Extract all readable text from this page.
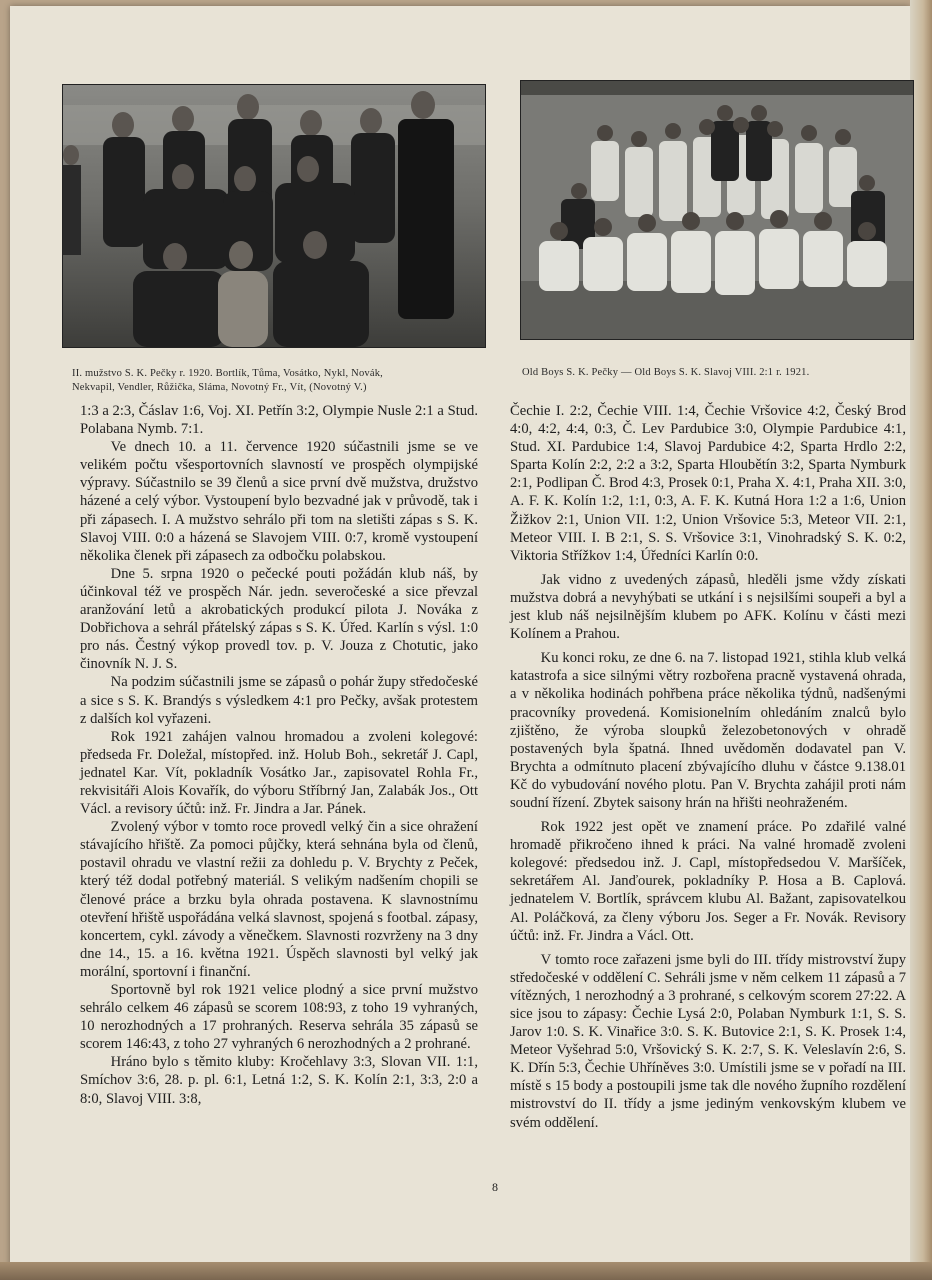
II. mužstvo S. K. Pečky r. 1920. Bortlík, Tůma, Vosátko, Nykl, Novák,
Nekvapil, Vendler, Růžička, Sláma, Novotný Fr., Vít, (Novotný V.)
Old Boys S. K. Pečky — Old Boys S. K. Slavoj VIII. 2:1 r. 1921.

1:3 a 2:3, Čáslav 1:6, Voj. XI. Petřín 3:2, Olympie Nusle 2:1 a Stud. Polabana Nymb. 7:1.

Ve dnech 10. a 11. července 1920 súčastnili jsme se ve velikém počtu všesportovních slavností ve prospěch olympijské výpravy. Súčastnilo se 39 členů a sice první dvě mužstva, družstvo házené a celý výbor. Vystoupení bylo bezvadné jak v průvodě, tak i při zápasech. I. A mužstvo sehrálo při tom na sletišti zápas s S. K. Slavoj VIII. 0:0 a házená se Slavojem VIII. 0:7, kromě vystoupení několika členek při zápasech za odbočku polabskou.

Dne 5. srpna 1920 o pečecké pouti požádán klub náš, by účinkoval též ve prospěch Nár. jedn. severočeské a sice převzal aranžování letů a akrobatických produkcí pilota J. Nováka z Dobřichova a sehrál přátelský zápas s S. K. Úřed. Karlín s výsl. 1:0 pro nás. Čestný výkop provedl tov. p. V. Jouza z Chotutic, jako činovník N. J. S.

Na podzim súčastnili jsme se zápasů o pohár župy středočeské a sice s S. K. Brandýs s výsledkem 4:1 pro Pečky, avšak protestem z dalších kol vyřazeni.

Rok 1921 zahájen valnou hromadou a zvoleni kolegové: předseda Fr. Doležal, místopřed. inž. Holub Boh., sekretář J. Capl, jednatel Kar. Vít, pokladník Vosátko Jar., zapisovatel Rohla Fr., rekvisitáři Alois Kovařík, do výboru Stříbrný Jan, Zalabák Jos., Ott Václ. a revisory účtů: inž. Fr. Jindra a Jar. Pánek.

Zvolený výbor v tomto roce provedl velký čin a sice ohražení stávajícího hřiště. Za pomoci půjčky, která sehnána byla od členů, postavil ohradu ve vlastní režii za dohledu p. V. Brychty z Peček, který též dodal potřebný materiál. S velikým nadšením chopili se členové práce a brzku byla ohrada postavena. K slavnostnímu otevření hřiště uspořádána velká slavnost, spojená s footbal. zápasy, koncertem, cykl. závody a věnečkem. Slavnosti rozvrženy na 3 dny dne 14., 15. a 16. května 1921. Úspěch slavnosti byl velký jak morální, sportovní i finanční.

Sportovně byl rok 1921 velice plodný a sice první mužstvo sehrálo celkem 46 zápasů se scorem 108:93, z toho 19 vyhraných, 10 nerozhodných a 17 prohraných. Reserva sehrála 35 zápasů se scorem 146:43, z toho 27 vyhraných 6 nerozhodných a 2 prohrané.

Hráno bylo s těmito kluby: Kročehlavy 3:3, Slovan VII. 1:1, Smíchov 3:6, 28. p. pl. 6:1, Letná 1:2, S. K. Kolín 2:1, 3:3, 2:0 a 8:0, Slavoj VIII. 3:8,

Čechie I. 2:2, Čechie VIII. 1:4, Čechie Vršovice 4:2, Český Brod 4:0, 4:2, 4:4, 0:3, Č. Lev Pardubice 3:0, Olympie Pardubice 4:1, Stud. XI. Pardubice 1:4, Slavoj Pardubice 4:2, Sparta Hrdlo 2:2, Sparta Kolín 2:2, 2:2 a 3:2, Sparta Hloubětín 3:2, Sparta Nymburk 2:1, Podlipan Č. Brod 4:3, Prosek 0:1, Praha X. 4:1, Praha XII. 3:0, A. F. K. Kolín 1:2, 1:1, 0:3, A. F. K. Kutná Hora 1:2 a 1:6, Union Žižkov 2:1, Union VII. 1:2, Union Vršovice 5:3, Meteor VII. 2:1, Meteor VIII. I. B 2:1, S. S. Vršovice 3:1, Vinohradský S. K. 0:2, Viktoria Střížkov 1:4, Úředníci Karlín 0:0.

Jak vidno z uvedených zápasů, hleděli jsme vždy získati mužstva dobrá a nevyhýbati se utkání i s nejsilšími soupeři a byl a jest klub náš nejsilnějším klubem po AFK. Kolínu v části mezi Kolínem a Prahou.

Ku konci roku, ze dne 6. na 7. listopad 1921, stihla klub velká katastrofa a sice silnými větry rozbořena pracně vystavená ohrada, a v několika hodinách pohřbena práce několika týdnů, nadšenými pracovníky provedená. Komisionelním ohledáním znalců bylo zjištěno, že výroba sloupků železobetonových v ohradě postavených byla špatná. Ihned uvědoměn dodavatel pan V. Brychta a odmítnuto placení zbývajícího dluhu v částce 9.138.01 Kč do vybudování nového plotu. Pan V. Brychta zahájil proti nám soudní řízení. Zbytek saisony hrán na hřišti neohraženém.

Rok 1922 jest opět ve znamení práce. Po zdařilé valné hromadě přikročeno ihned k práci. Na valné hromadě zvoleni kolegové: předsedou inž. J. Capl, místopředsedou V. Maršíček, sekretářem Al. Janďourek, pokladníky P. Hosa a B. Caplová. jednatelem V. Bortlík, správcem klubu Al. Bažant, zapisovatelkou Al. Poláčková, za členy výboru Jos. Seger a Fr. Novák. Revisory účtů: inž. Fr. Jindra a Václ. Ott.

V tomto roce zařazeni jsme byli do III. třídy mistrovství župy středočeské v oddělení C. Sehráli jsme v něm celkem 11 zápasů a 7 vítězných, 1 nerozhodný a 3 prohrané, s celkovým scorem 27:22. A sice jsou to zápasy: Čechie Lysá 2:0, Polaban Nymburk 1:1, S. S. Jarov 1:0. S. K. Vinařice 3:0. S. K. Butovice 2:1, S. K. Prosek 1:4, Meteor Vyšehrad 5:0, Vršovický S. K. 2:7, S. K. Veleslavín 2:6, S. K. Dřín 5:3, Čechie Uhříněves 3:0. Umístili jsme se v pořadí na III. místě s 15 body a postoupili jsme tak dle nového župního rozdělení mistrovství do II. třídy a jsme jediným venkovským klubem ve svém oddělení.

8
